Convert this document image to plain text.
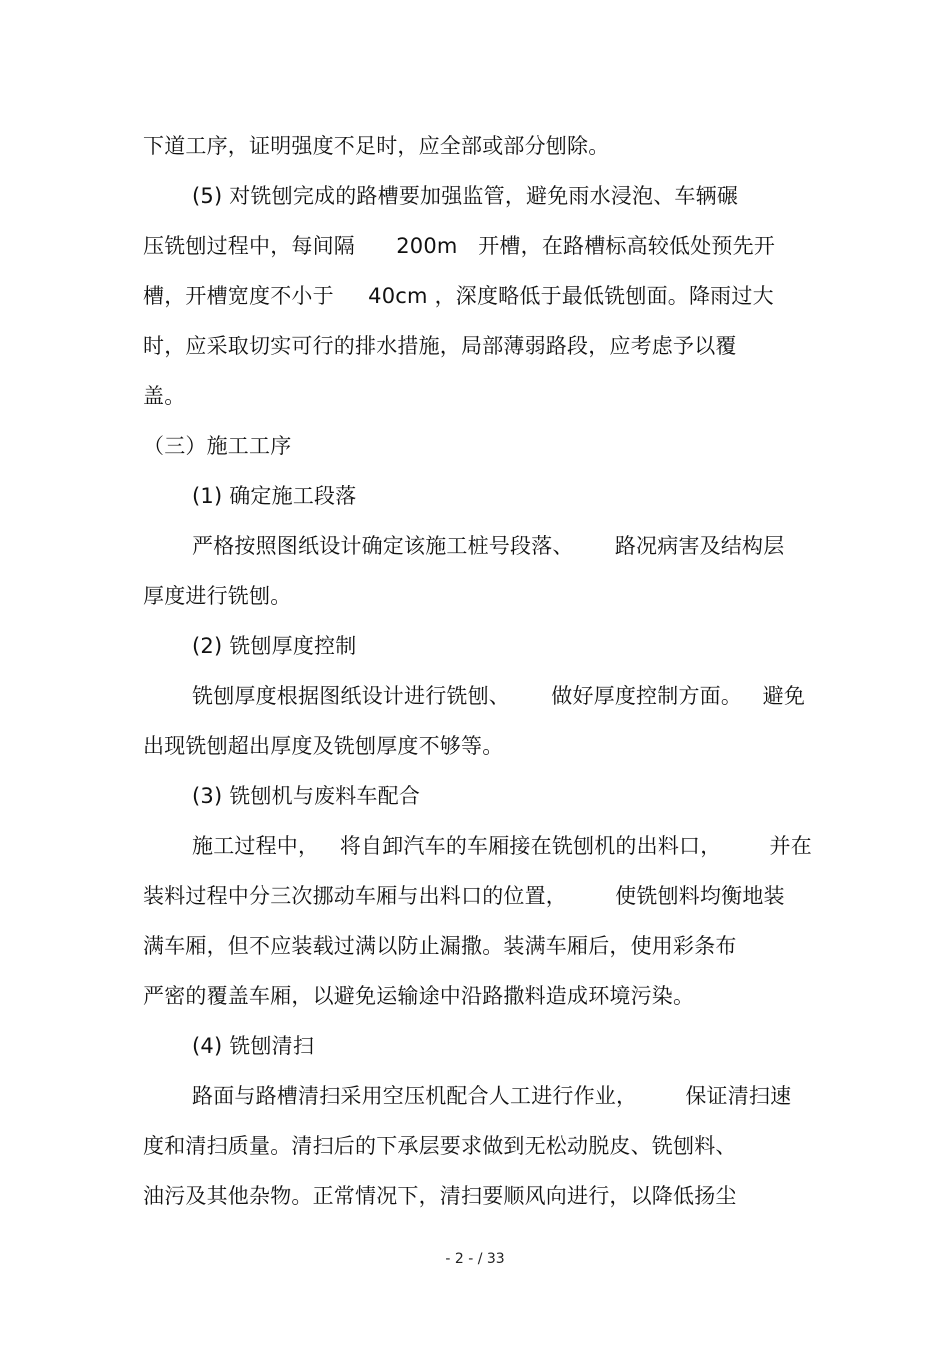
下道工序，证明强度不足时，应全部或部分刨除。
(5) 对铣刨完成的路槽要加强监管，避免雨水浸泡、车辆碾
压铣刨过程中，每间隔      200m   开槽，在路槽标高较低处预先开
槽，开槽宽度不小于     40cm ，深度略低于最低铣刨面。降雨过大
时，应采取切实可行的排水措施，局部薄弱路段，应考虑予以覆
盖。
（三）施工工序
(1) 确定施工段落
严格按照图纸设计确定该施工桩号段落、      路况病害及结构层
厚度进行铣刨。
(2) 铣刨厚度控制
铣刨厚度根据图纸设计进行铣刨、      做好厚度控制方面。   避免
出现铣刨超出厚度及铣刨厚度不够等。
(3) 铣刨机与废料车配合
施工过程中，   将自卸汽车的车厢接在铣刨机的出料口，       并在
装料过程中分三次挪动车厢与出料口的位置，       使铣刨料均衡地装
满车厢，但不应装载过满以防止漏撒。装满车厢后，使用彩条布
严密的覆盖车厢，以避免运输途中沿路撒料造成环境污染。
(4) 铣刨清扫
路面与路槽清扫采用空压机配合人工进行作业，       保证清扫速
度和清扫质量。清扫后的下承层要求做到无松动脱皮、铣刨料、
油污及其他杂物。正常情况下，清扫要顺风向进行，以降低扬尘
- 2 - / 33
